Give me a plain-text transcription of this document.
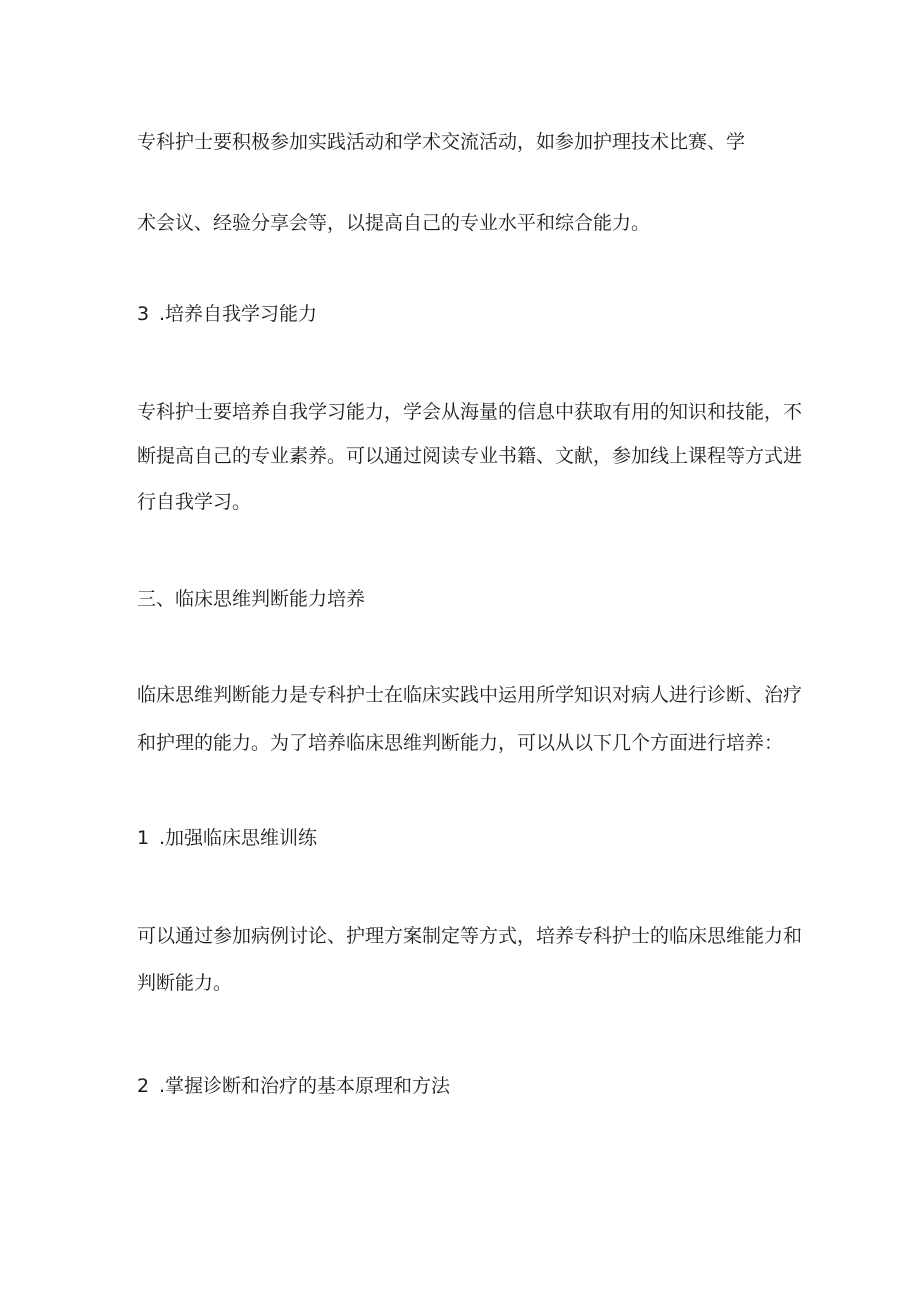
专科护士要积极参加实践活动和学术交流活动，如参加护理技术比赛、学
术会议、经验分享会等，以提高自己的专业水平和综合能力。
3 .培养自我学习能力
专科护士要培养自我学习能力，学会从海量的信息中获取有用的知识和技能，不
断提高自己的专业素养。可以通过阅读专业书籍、文献，参加线上课程等方式进
行自我学习。
三、临床思维判断能力培养
临床思维判断能力是专科护士在临床实践中运用所学知识对病人进行诊断、治疗
和护理的能力。为了培养临床思维判断能力，可以从以下几个方面进行培养：
1 .加强临床思维训练
可以通过参加病例讨论、护理方案制定等方式，培养专科护士的临床思维能力和
判断能力。
2 .掌握诊断和治疗的基本原理和方法
